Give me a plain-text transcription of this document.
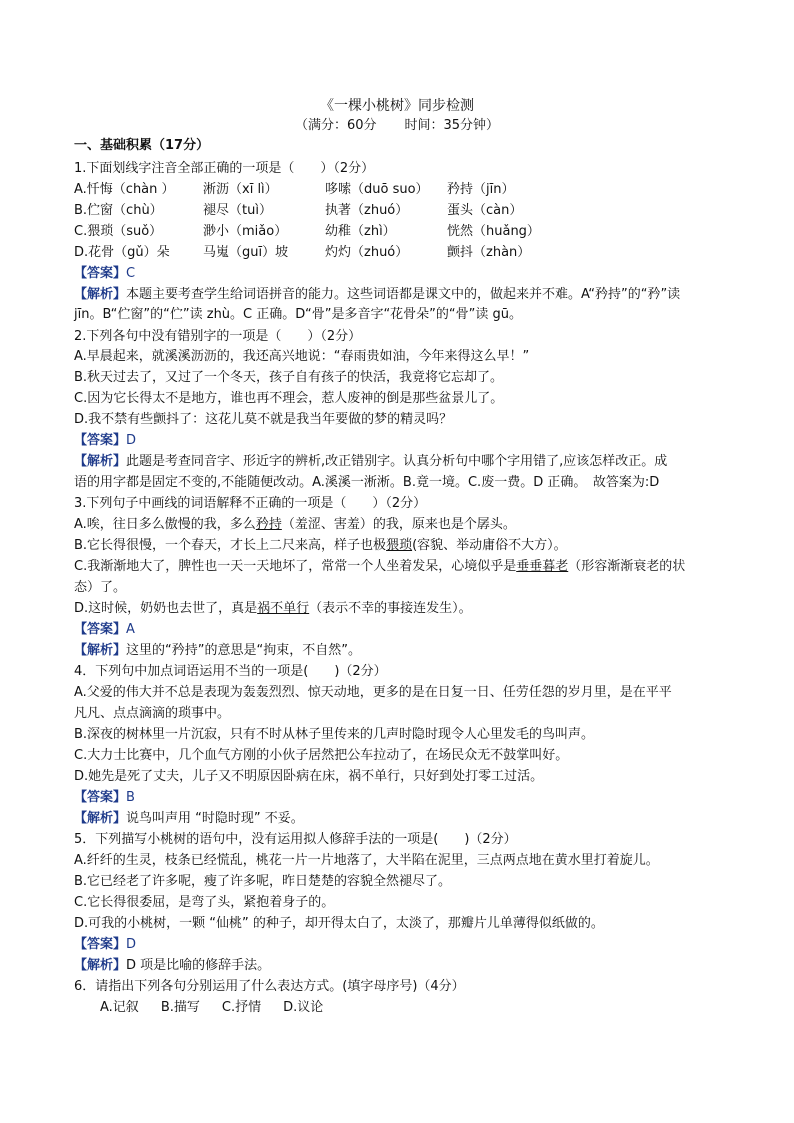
《一棵小桃树》同步检测
（满分：60分 时间：35分钟）
一、基础积累（17分）
1.下面划线字注音全部正确的一项是（　　）（2分）
A.忏悔（chàn ） 淅沥（xī lì）	哆嗦（duō suo） 矜持（jīn）
B.伫窗（chù）	褪尽（tuì）	执著（zhuó）	蛋头（càn）
C.猥琐（suǒ）	渺小（miǎo）	幼稚（zhì）	恍然（huǎng）
D.花骨（gǔ）朵	马嵬（guī）坡	灼灼（zhuó）	颤抖（zhàn）
【答案】C
【解析】本题主要考查学生给词语拼音的能力。这些词语都是课文中的，做起来并不难。A“矜持”的“矜”读
jīn。B“伫窗”的“伫”读 zhù。C 正确。D“骨”是多音字“花骨朵”的“骨”读 gū。
2.下列各句中没有错别字的一项是（　　）（2分）
A.早晨起来，就溪溪沥沥的，我还高兴地说：“春雨贵如油，今年来得这么早！”
B.秋天过去了，又过了一个冬天，孩子自有孩子的快活，我竟将它忘却了。
C.因为它长得太不是地方，谁也再不理会，惹人废神的倒是那些盆景儿了。
D.我不禁有些颤抖了：这花儿莫不就是我当年要做的梦的精灵吗？
【答案】D
【解析】此题是考查同音字、形近字的辨析,改正错别字。认真分析句中哪个字用错了,应该怎样改正。成
语的用字都是固定不变的,不能随便改动。A.溪溪一淅淅。B.竟一境。C.废一费。D 正确。　故答案为:D
3.下列句子中画线的词语解释不正确的一项是（　　）（2分）
A.唉，往日多么傲慢的我，多么矜持（羞涩、害羞）的我，原来也是个孱头。
B.它长得很慢，一个春天，才长上二尺来高，样子也极猥琐(容貌、举动庸俗不大方）。
C.我渐渐地大了，脾性也一天一天地坏了，常常一个人坐着发呆，心境似乎是垂垂暮老（形容渐渐衰老的状
态）了。
D.这时候，奶奶也去世了，真是祸不单行（表示不幸的事接连发生）。
【答案】A
【解析】这里的“矜持”的意思是“拘束，不自然”。
4．下列句中加点词语运用不当的一项是(　　)（2分）
A.父爱的伟大并不总是表现为轰轰烈烈、惊天动地，更多的是在日复一日、任劳任怨的岁月里，是在平平
凡凡、点点滴滴的琐事中。
B.深夜的树林里一片沉寂，只有不时从林子里传来的几声时隐时现令人心里发毛的鸟叫声。
C.大力士比赛中，几个血气方刚的小伙子居然把公车拉动了，在场民众无不鼓掌叫好。
D.她先是死了丈夫，儿子又不明原因卧病在床，祸不单行，只好到处打零工过活。
【答案】B
【解析】说鸟叫声用 “时隐时现” 不妥。
5．下列描写小桃树的语句中，没有运用拟人修辞手法的一项是(　　)（2分）
A.纤纤的生灵，枝条已经慌乱，桃花一片一片地落了，大半陷在泥里，三点两点地在黄水里打着旋儿。
B.它已经老了许多呢，瘦了许多呢，昨日楚楚的容貌全然褪尽了。
C.它长得很委屈，是弯了头，紧抱着身子的。
D.可我的小桃树，一颗 “仙桃” 的种子，却开得太白了，太淡了，那瓣片儿单薄得似纸做的。
【答案】D
【解析】D 项是比喻的修辞手法。
6．请指出下列各句分别运用了什么表达方式。(填字母序号)（4分）
A.记叙 B.描写 C.抒情 D.议论
